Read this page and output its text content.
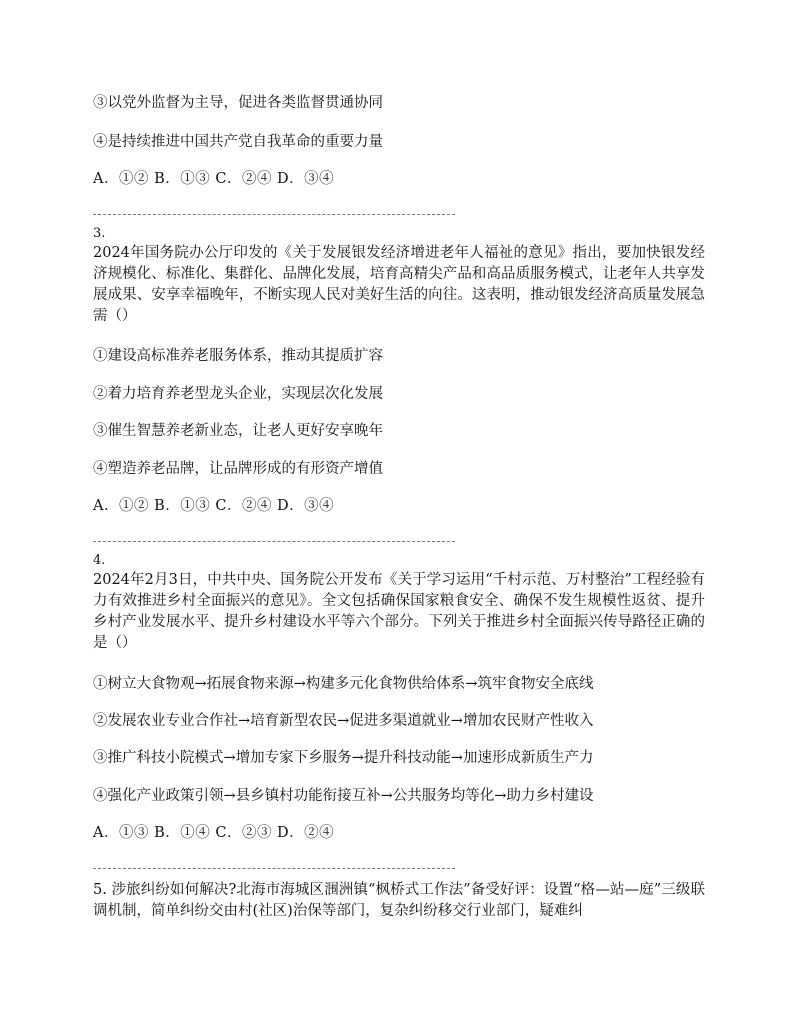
③以党外监督为主导，促进各类监督贯通协同
④是持续推进中国共产党自我革命的重要力量
A．①② B．①③ C．②④ D．③④
3.
2024年国务院办公厅印发的《关于发展银发经济增进老年人福祉的意见》指出，要加快银发经济规模化、标准化、集群化、品牌化发展，培育高精尖产品和高品质服务模式，让老年人共享发展成果、安享幸福晚年，不断实现人民对美好生活的向往。这表明，推动银发经济高质量发展急需（）
①建设高标准养老服务体系，推动其提质扩容
②着力培育养老型龙头企业，实现层次化发展
③催生智慧养老新业态，让老人更好安享晚年
④塑造养老品牌，让品牌形成的有形资产增值
A．①② B．①③ C．②④ D．③④
4.
2024年2月3日，中共中央、国务院公开发布《关于学习运用“千村示范、万村整治”工程经验有力有效推进乡村全面振兴的意见》。全文包括确保国家粮食安全、确保不发生规模性返贫、提升乡村产业发展水平、提升乡村建设水平等六个部分。下列关于推进乡村全面振兴传导路径正确的是（）
①树立大食物观→拓展食物来源→构建多元化食物供给体系→筑牢食物安全底线
②发展农业专业合作社→培育新型农民→促进多渠道就业→增加农民财产性收入
③推广科技小院模式→增加专家下乡服务→提升科技动能→加速形成新质生产力
④强化产业政策引领→县乡镇村功能衔接互补→公共服务均等化→助力乡村建设
A．①③ B．①④ C．②③ D．②④
5. 涉旅纠纷如何解决?北海市海城区涠洲镇“枫桥式工作法”备受好评：设置“格—站—庭”三级联调机制，简单纠纷交由村(社区)治保等部门，复杂纠纷移交行业部门，疑难纠
